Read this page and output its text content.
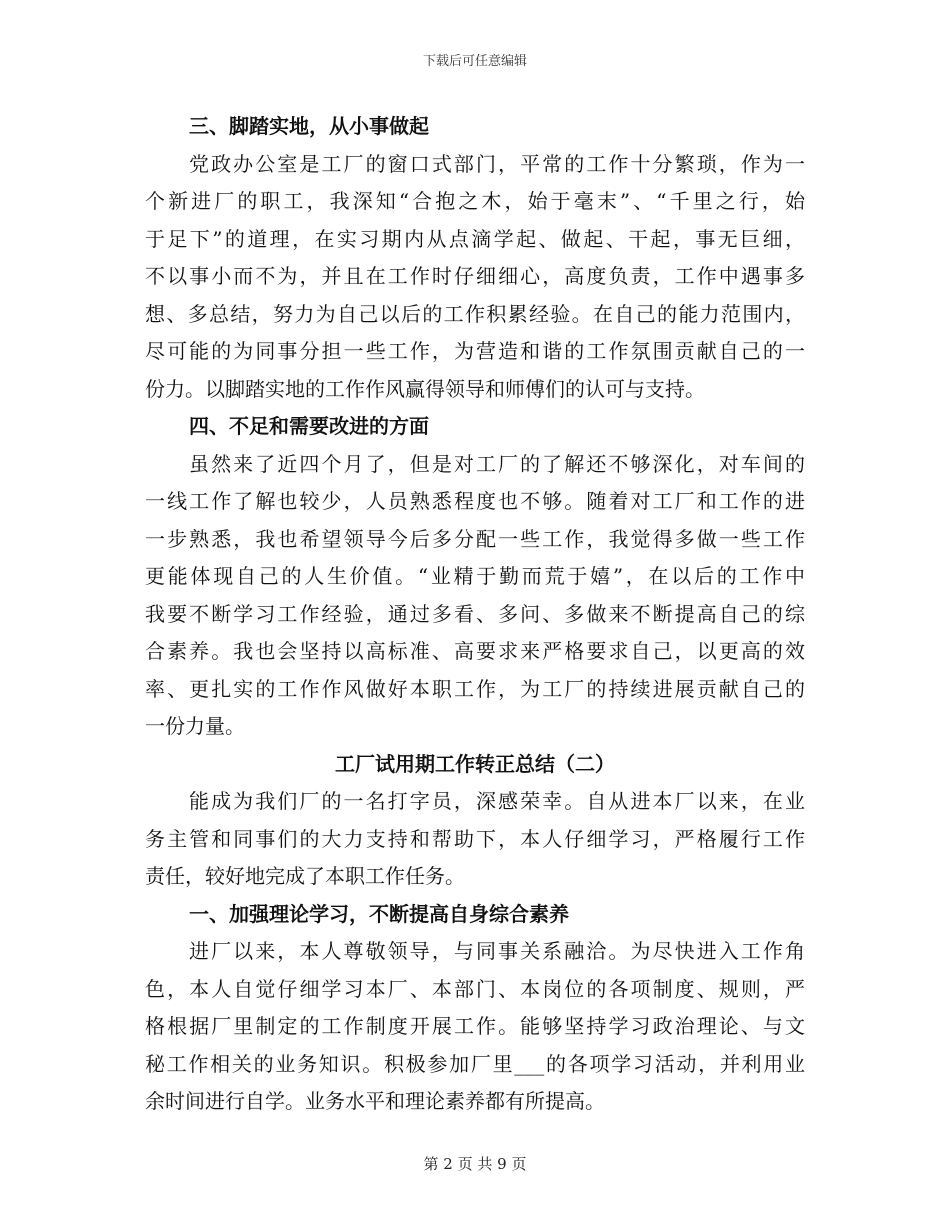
下载后可任意编辑
三、脚踏实地，从小事做起
党政办公室是工厂的窗口式部门，平常的工作十分繁琐，作为一
个新进厂的职工，我深知“合抱之木，始于毫末”、“千里之行，始
于足下”的道理，在实习期内从点滴学起、做起、干起，事无巨细，
不以事小而不为，并且在工作时仔细细心，高度负责，工作中遇事多
想、多总结，努力为自己以后的工作积累经验。在自己的能力范围内，
尽可能的为同事分担一些工作，为营造和谐的工作氛围贡献自己的一
份力。以脚踏实地的工作作风赢得领导和师傅们的认可与支持。
四、不足和需要改进的方面
虽然来了近四个月了，但是对工厂的了解还不够深化，对车间的
一线工作了解也较少，人员熟悉程度也不够。随着对工厂和工作的进
一步熟悉，我也希望领导今后多分配一些工作，我觉得多做一些工作
更能体现自己的人生价值。“业精于勤而荒于嬉”，在以后的工作中
我要不断学习工作经验，通过多看、多问、多做来不断提高自己的综
合素养。我也会坚持以高标准、高要求来严格要求自己，以更高的效
率、更扎实的工作作风做好本职工作，为工厂的持续进展贡献自己的
一份力量。
工厂试用期工作转正总结（二）
能成为我们厂的一名打字员，深感荣幸。自从进本厂以来，在业
务主管和同事们的大力支持和帮助下，本人仔细学习，严格履行工作
责任，较好地完成了本职工作任务。
一、加强理论学习，不断提高自身综合素养
进厂以来，本人尊敬领导，与同事关系融洽。为尽快进入工作角
色，本人自觉仔细学习本厂、本部门、本岗位的各项制度、规则，严
格根据厂里制定的工作制度开展工作。能够坚持学习政治理论、与文
秘工作相关的业务知识。积极参加厂里___的各项学习活动，并利用业
余时间进行自学。业务水平和理论素养都有所提高。
第 2 页 共 9 页
